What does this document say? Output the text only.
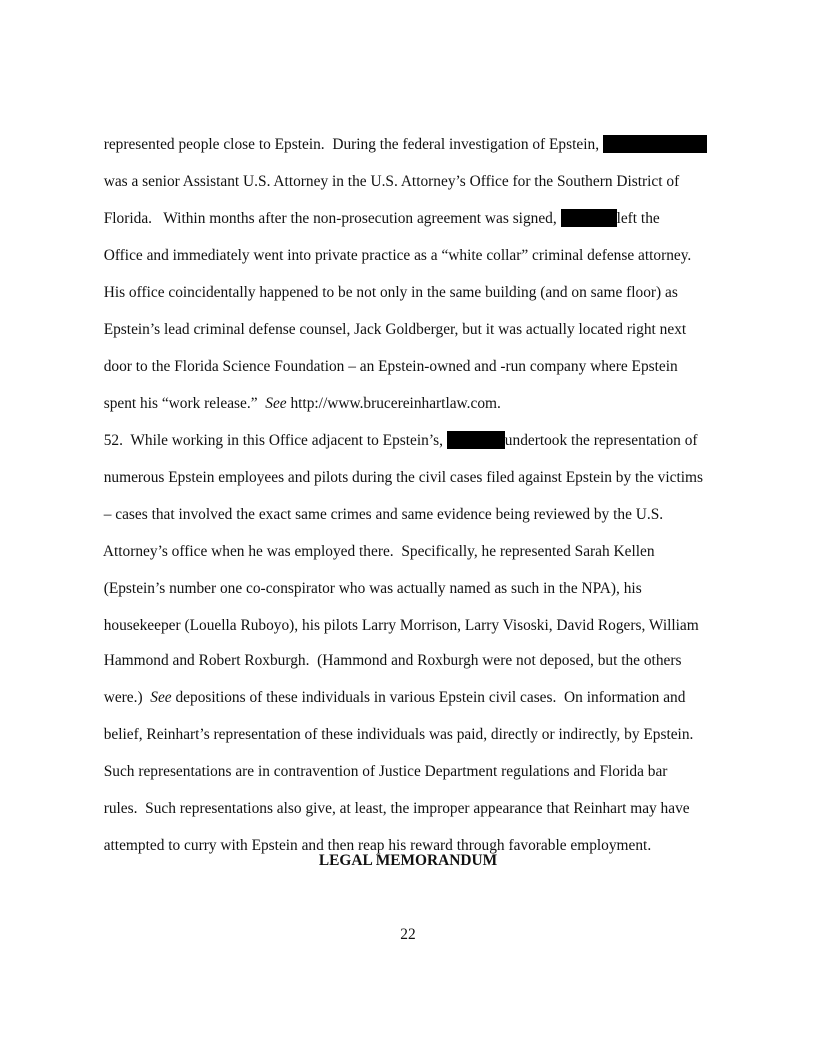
represented people close to Epstein.  During the federal investigation of Epstein,

was a senior Assistant U.S. Attorney in the U.S. Attorney’s Office for the Southern District of

Florida.   Within months after the non-prosecution agreement was signed,	left the

Office and immediately went into private practice as a “white collar” criminal defense attorney.

His office coincidentally happened to be not only in the same building (and on same floor) as

Epstein’s lead criminal defense counsel, Jack Goldberger, but it was actually located right next

door to the Florida Science Foundation – an Epstein-owned and -run company where Epstein

spent his “work release.”  See http://www.brucereinhartlaw.com.

52.  While working in this Office adjacent to Epstein’s,	undertook the representation of

numerous Epstein employees and pilots during the civil cases filed against Epstein by the victims

– cases that involved the exact same crimes and same evidence being reviewed by the U.S.

Attorney’s office when he was employed there.  Specifically, he represented Sarah Kellen

(Epstein’s number one co-conspirator who was actually named as such in the NPA), his

housekeeper (Louella Ruboyo), his pilots Larry Morrison, Larry Visoski, David Rogers, William

Hammond and Robert Roxburgh.  (Hammond and Roxburgh were not deposed, but the others

were.)  See depositions of these individuals in various Epstein civil cases.  On information and

belief, Reinhart’s representation of these individuals was paid, directly or indirectly, by Epstein.

Such representations are in contravention of Justice Department regulations and Florida bar

rules.  Such representations also give, at least, the improper appearance that Reinhart may have

attempted to curry with Epstein and then reap his reward through favorable employment.

LEGAL MEMORANDUM
22
